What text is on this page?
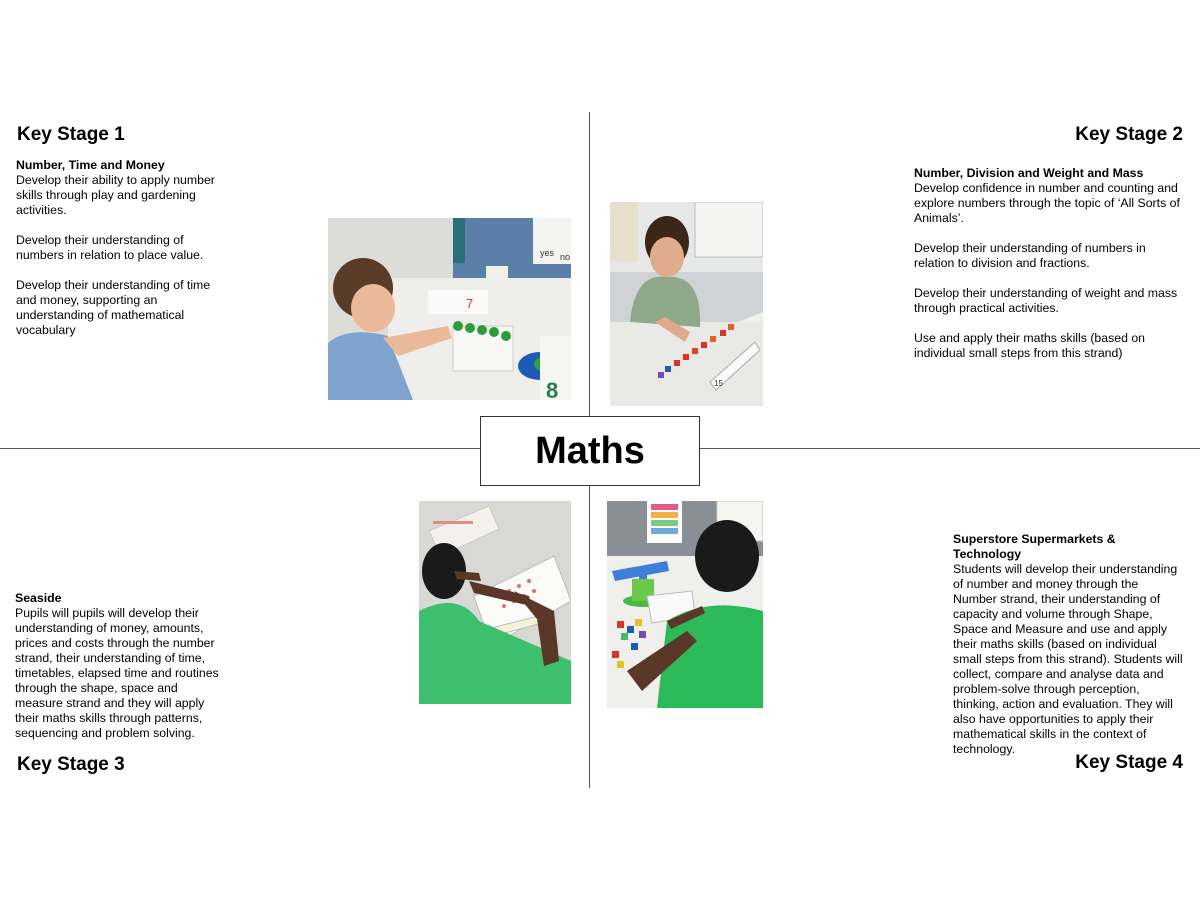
Key Stage 1
Number, Time and Money

Develop their ability to apply number skills through play and gardening activities.

Develop their understanding of numbers in relation to place value.

Develop their understanding of time and money, supporting an understanding of mathematical vocabulary

Key Stage 2
Number, Division and Weight and Mass

Develop confidence in number and counting and explore numbers through the topic of ‘All Sorts of Animals’.

Develop their understanding of numbers in relation to division and fractions.

Develop their understanding of weight and mass through practical activities.

Use and apply their maths skills (based on individual small steps from this strand)

Seaside

Pupils will pupils will develop their understanding of money, amounts, prices and costs through the number strand, their understanding of time, timetables, elapsed time and routines through the shape, space and measure strand and they will apply their maths skills through patterns, sequencing and problem solving.

Key Stage 3
Superstore Supermarkets & Technology

Students will develop their understanding of number and money through the Number strand, their understanding of capacity and volume through Shape, Space and Measure and use and apply their maths skills (based on individual small steps from this strand). Students will collect, compare and analyse data and problem-solve through perception, thinking, action and evaluation. They will also have opportunities to apply their mathematical skills in the context of technology.

Key Stage 4
Maths
yes no
7
8	15
